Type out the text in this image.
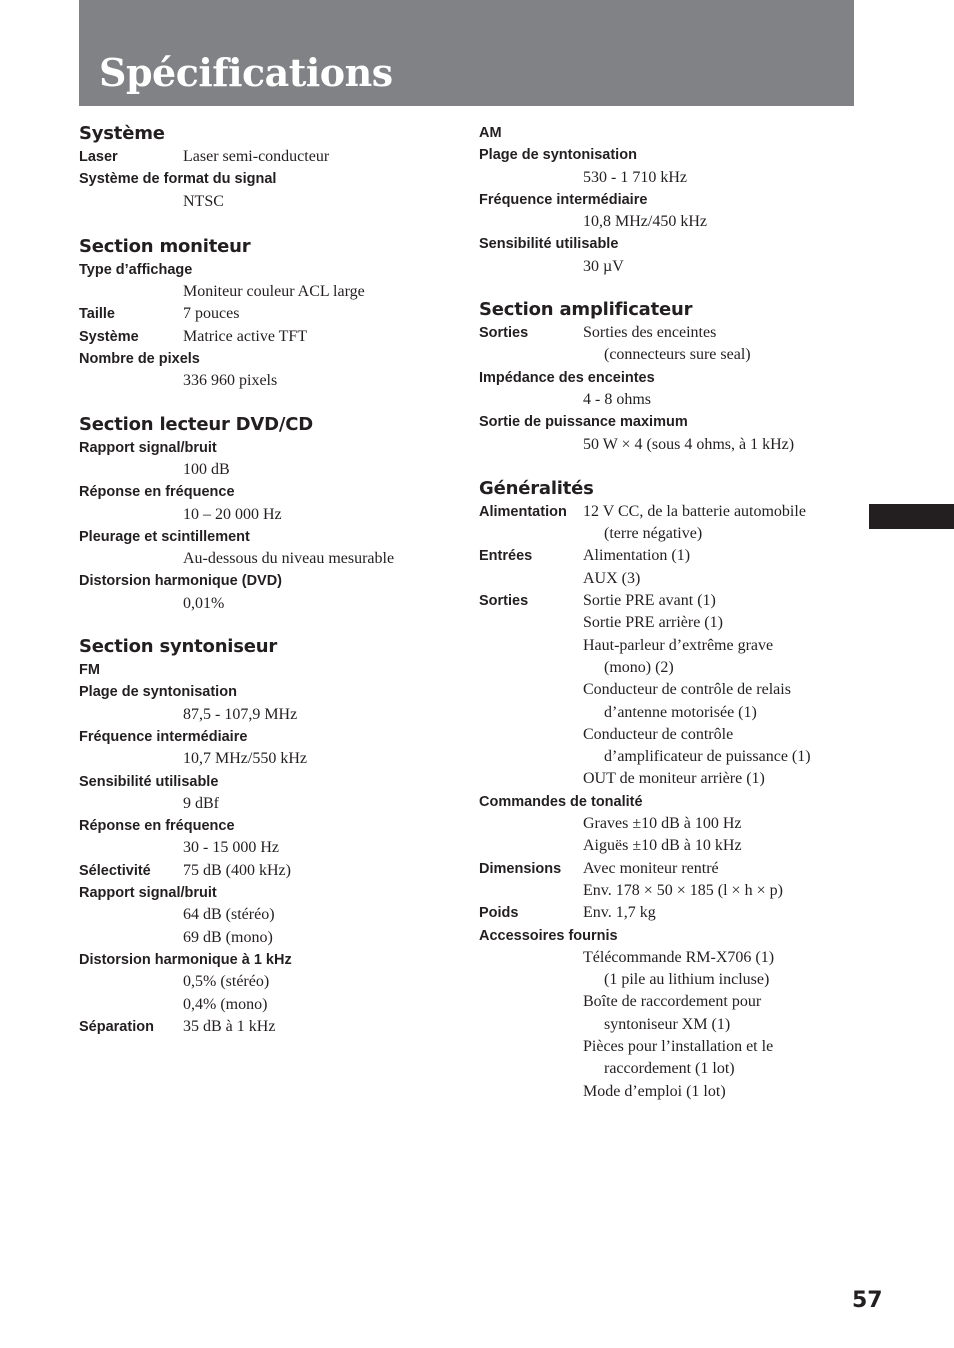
Spécifications
Système
Laser	Laser semi-conducteur
Système de format du signal
NTSC
Section moniteur
Type d’affichage
Moniteur couleur ACL large
Taille	7 pouces
Système	Matrice active TFT
Nombre de pixels
336 960 pixels
Section lecteur DVD/CD
Rapport signal/bruit
100 dB
Réponse en fréquence
10 – 20 000 Hz
Pleurage et scintillement
Au-dessous du niveau mesurable
Distorsion harmonique (DVD)
0,01%
Section syntoniseur
FM
Plage de syntonisation
87,5 - 107,9 MHz
Fréquence intermédiaire
10,7 MHz/550 kHz
Sensibilité utilisable
9 dBf
Réponse en fréquence
30 - 15 000 Hz
Sélectivité	75 dB (400 kHz)
Rapport signal/bruit
64 dB (stéréo)
69 dB (mono)
Distorsion harmonique à 1 kHz
0,5% (stéréo)
0,4% (mono)
Séparation	35 dB à 1 kHz
AM
Plage de syntonisation
530 - 1 710 kHz
Fréquence intermédiaire
10,8 MHz/450 kHz
Sensibilité utilisable
30 µV
Section amplificateur
Sorties	Sorties des enceintes
(connecteurs sure seal)
Impédance des enceintes
4 - 8 ohms
Sortie de puissance maximum
50 W × 4 (sous 4 ohms, à 1 kHz)
Généralités
Alimentation	12 V CC, de la batterie automobile
(terre négative)
Entrées	Alimentation (1)
AUX (3)
Sorties	Sortie PRE avant (1)
Sortie PRE arrière (1)
Haut-parleur d’extrême grave
(mono) (2)
Conducteur de contrôle de relais
d’antenne motorisée (1)
Conducteur de contrôle
d’amplificateur de puissance (1)
OUT de moniteur arrière (1)
Commandes de tonalité
Graves ±10 dB à 100 Hz
Aiguës ±10 dB à 10 kHz
Dimensions	Avec moniteur rentré
Env. 178 × 50 × 185 (l × h × p)
Poids	Env. 1,7 kg
Accessoires fournis
Télécommande RM-X706 (1)
(1 pile au lithium incluse)
Boîte de raccordement pour
syntoniseur XM (1)
Pièces pour l’installation et le
raccordement (1 lot)
Mode d’emploi (1 lot)
57
